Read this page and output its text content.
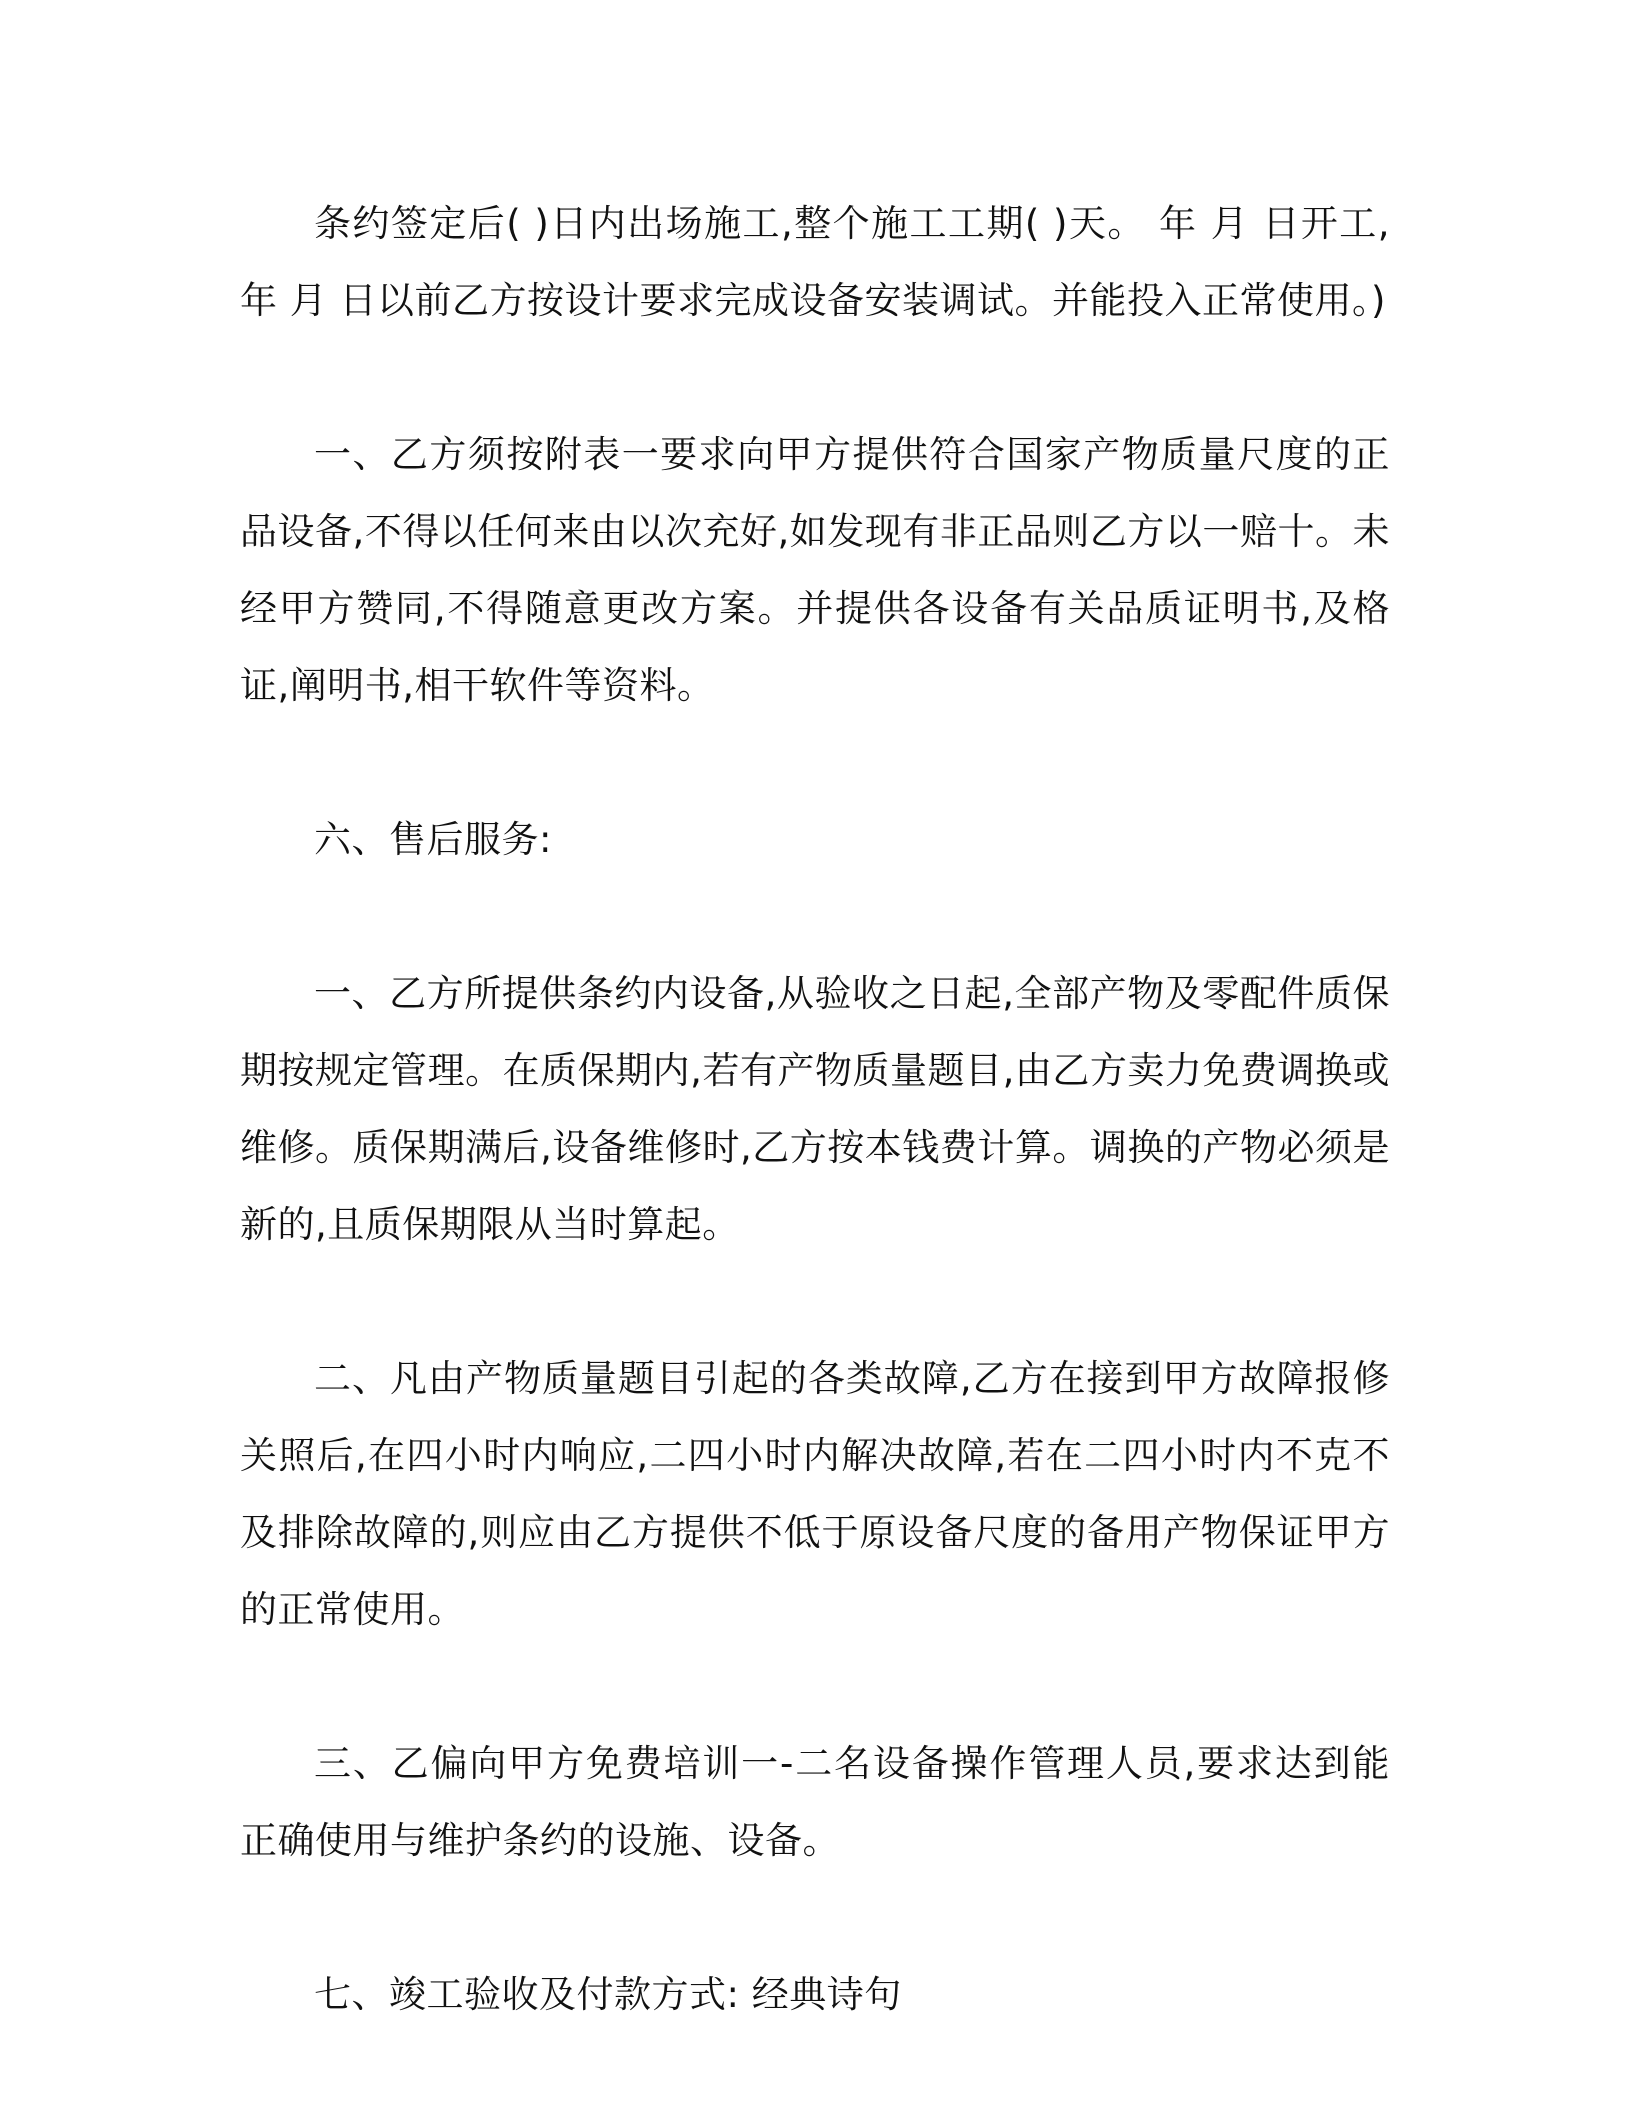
条约签定后( )日内出场施工,整个施工工期( )天。 年 月 日开工, 年 月 日以前乙方按设计要求完成设备安装调试。并能投入正常使用。)

一、乙方须按附表一要求向甲方提供符合国家产物质量尺度的正品设备,不得以任何来由以次充好,如发现有非正品则乙方以一赔十。未经甲方赞同,不得随意更改方案。并提供各设备有关品质证明书,及格证,阐明书,相干软件等资料。

六、售后服务:

一、乙方所提供条约内设备,从验收之日起,全部产物及零配件质保期按规定管理。在质保期内,若有产物质量题目,由乙方卖力免费调换或维修。质保期满后,设备维修时,乙方按本钱费计算。调换的产物必须是新的,且质保期限从当时算起。

二、凡由产物质量题目引起的各类故障,乙方在接到甲方故障报修关照后,在四小时内响应,二四小时内解决故障,若在二四小时内不克不及排除故障的,则应由乙方提供不低于原设备尺度的备用产物保证甲方的正常使用。

三、乙偏向甲方免费培训一-二名设备操作管理人员,要求达到能正确使用与维护条约的设施、设备。

七、竣工验收及付款方式: 经典诗句
